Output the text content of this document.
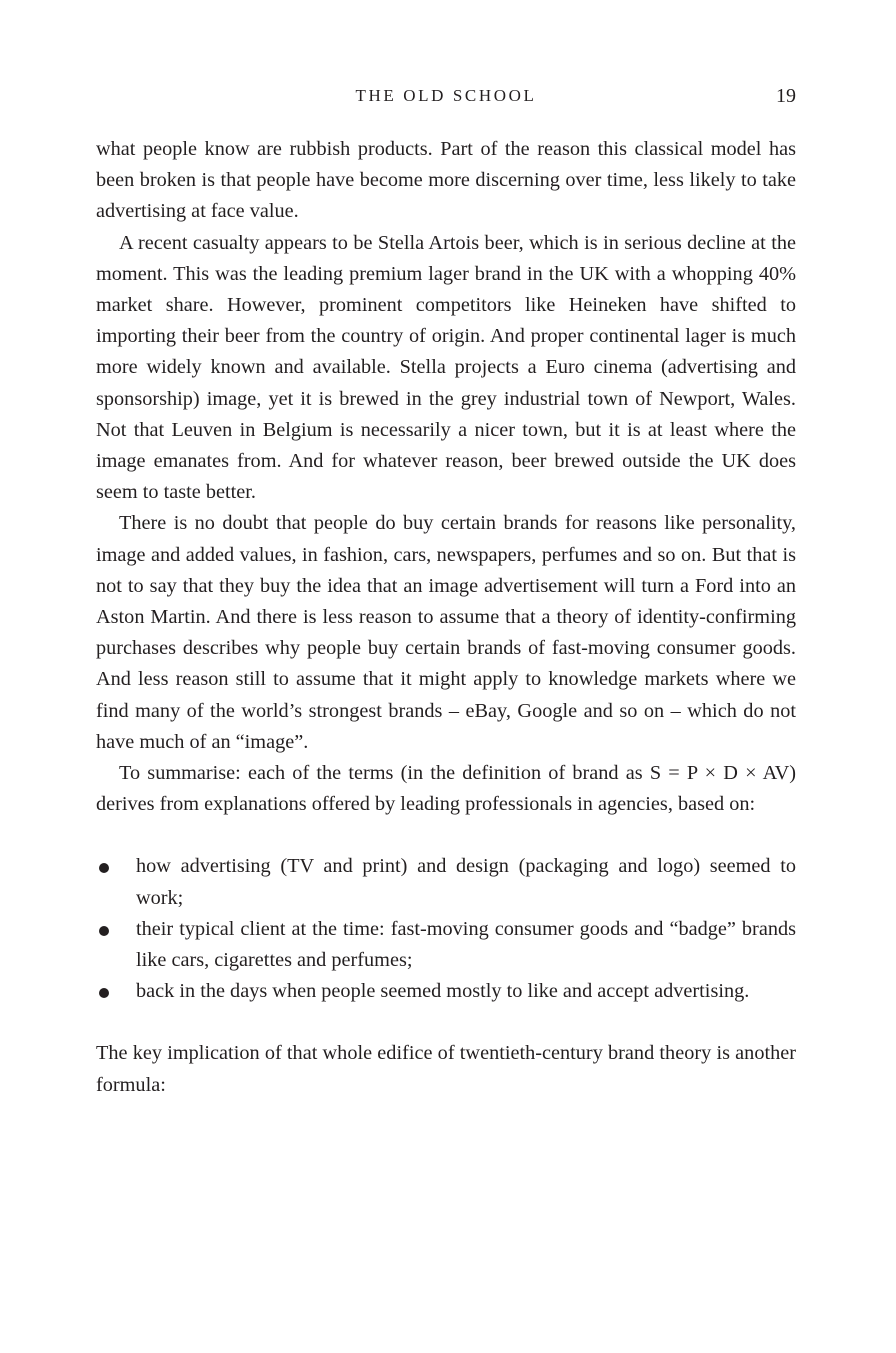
THE OLD SCHOOL	19

what people know are rubbish products. Part of the reason this classical model has been broken is that people have become more discerning over time, less likely to take advertising at face value.

A recent casualty appears to be Stella Artois beer, which is in serious decline at the moment. This was the leading premium lager brand in the UK with a whopping 40% market share. However, prominent competitors like Heineken have shifted to importing their beer from the country of origin. And proper continental lager is much more widely known and available. Stella projects a Euro cinema (advertising and sponsorship) image, yet it is brewed in the grey industrial town of Newport, Wales. Not that Leuven in Belgium is necessarily a nicer town, but it is at least where the image emanates from. And for whatever reason, beer brewed outside the UK does seem to taste better.

There is no doubt that people do buy certain brands for reasons like personality, image and added values, in fashion, cars, newspapers, perfumes and so on. But that is not to say that they buy the idea that an image advertisement will turn a Ford into an Aston Martin. And there is less reason to assume that a theory of identity-confirming purchases describes why people buy certain brands of fast-moving consumer goods. And less reason still to assume that it might apply to knowledge markets where we find many of the world’s strongest brands – eBay, Google and so on – which do not have much of an “image”.

To summarise: each of the terms (in the definition of brand as S = P × D × AV) derives from explanations offered by leading professionals in agencies, based on:

how advertising (TV and print) and design (packaging and logo) seemed to work;
their typical client at the time: fast-moving consumer goods and “badge” brands like cars, cigarettes and perfumes;
back in the days when people seemed mostly to like and accept advertising.

The key implication of that whole edifice of twentieth-century brand theory is another formula:
